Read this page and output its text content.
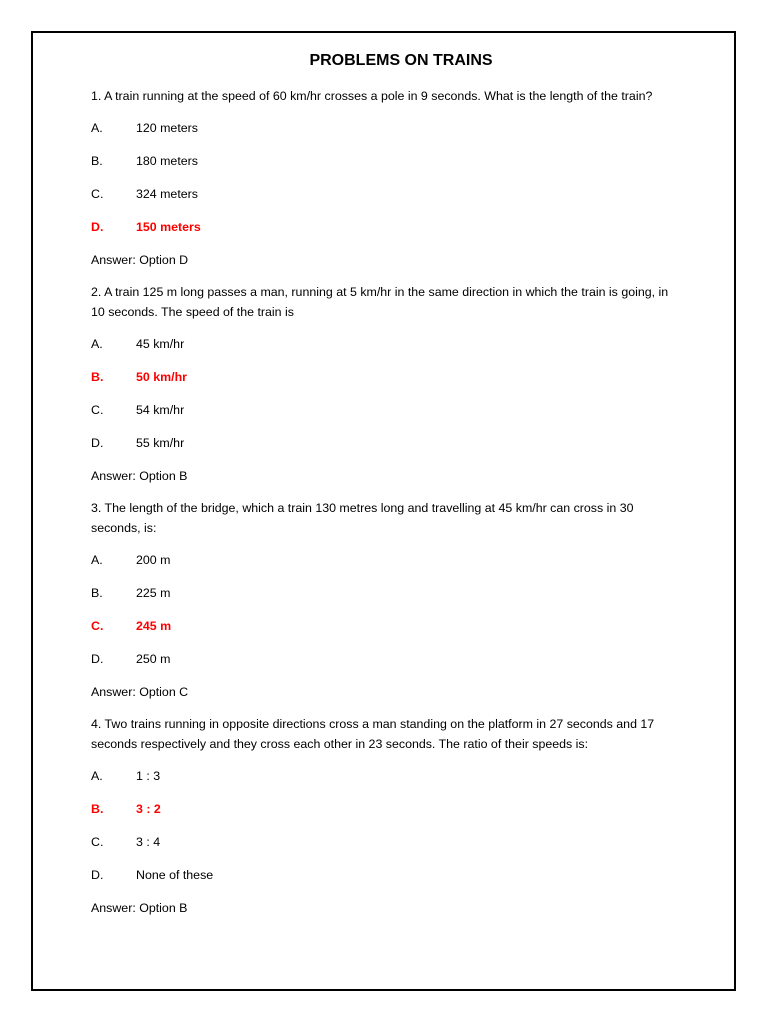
PROBLEMS ON TRAINS
1. A train running at the speed of 60 km/hr crosses a pole in 9 seconds. What is the length of the train?
A.	120 meters
B.	180 meters
C.	324 meters
D.	150 meters
Answer: Option D
2. A train 125 m long passes a man, running at 5 km/hr in the same direction in which the train is going, in 10 seconds. The speed of the train is
A.	45 km/hr
B.	50 km/hr
C.	54 km/hr
D.	55 km/hr
Answer: Option B
3. The length of the bridge, which a train 130 metres long and travelling at 45 km/hr can cross in 30 seconds, is:
A.	200 m
B.	225 m
C.	245 m
D.	250 m
Answer: Option C
4. Two trains running in opposite directions cross a man standing on the platform in 27 seconds and 17 seconds respectively and they cross each other in 23 seconds. The ratio of their speeds is:
A.	1 : 3
B.	3 : 2
C.	3 : 4
D.	None of these
Answer: Option B
